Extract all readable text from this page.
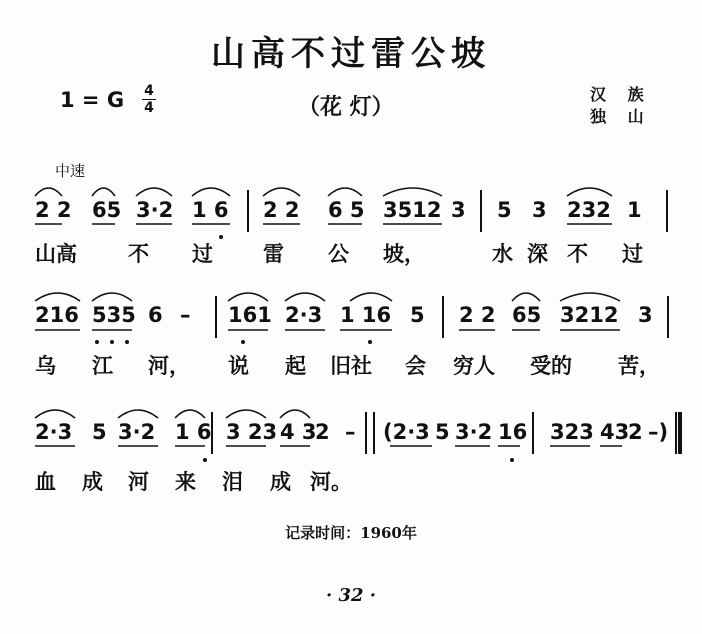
山高不过雷公坡
1 = G 4
4	（花 灯）	汉 族
独 山
中速
2 2 65 3·2 1 6 2 2 6 5 3512 3 5 3 232 1
山高 不 过 雷 公 坡，	水 深 不 过
216 535 6 – 161 2·3 1 16 5 2 2 65 3212 3
乌 江 河， 说 起 旧社 会 穷人 受的 苦，
2·3 5 3·2 1 6 3 23 4 3
2 – (2·3 5 3·2 16 323 43
2 –)
血 成 河 来 泪 成 河。
记录时间：1960年
· 32 ·
